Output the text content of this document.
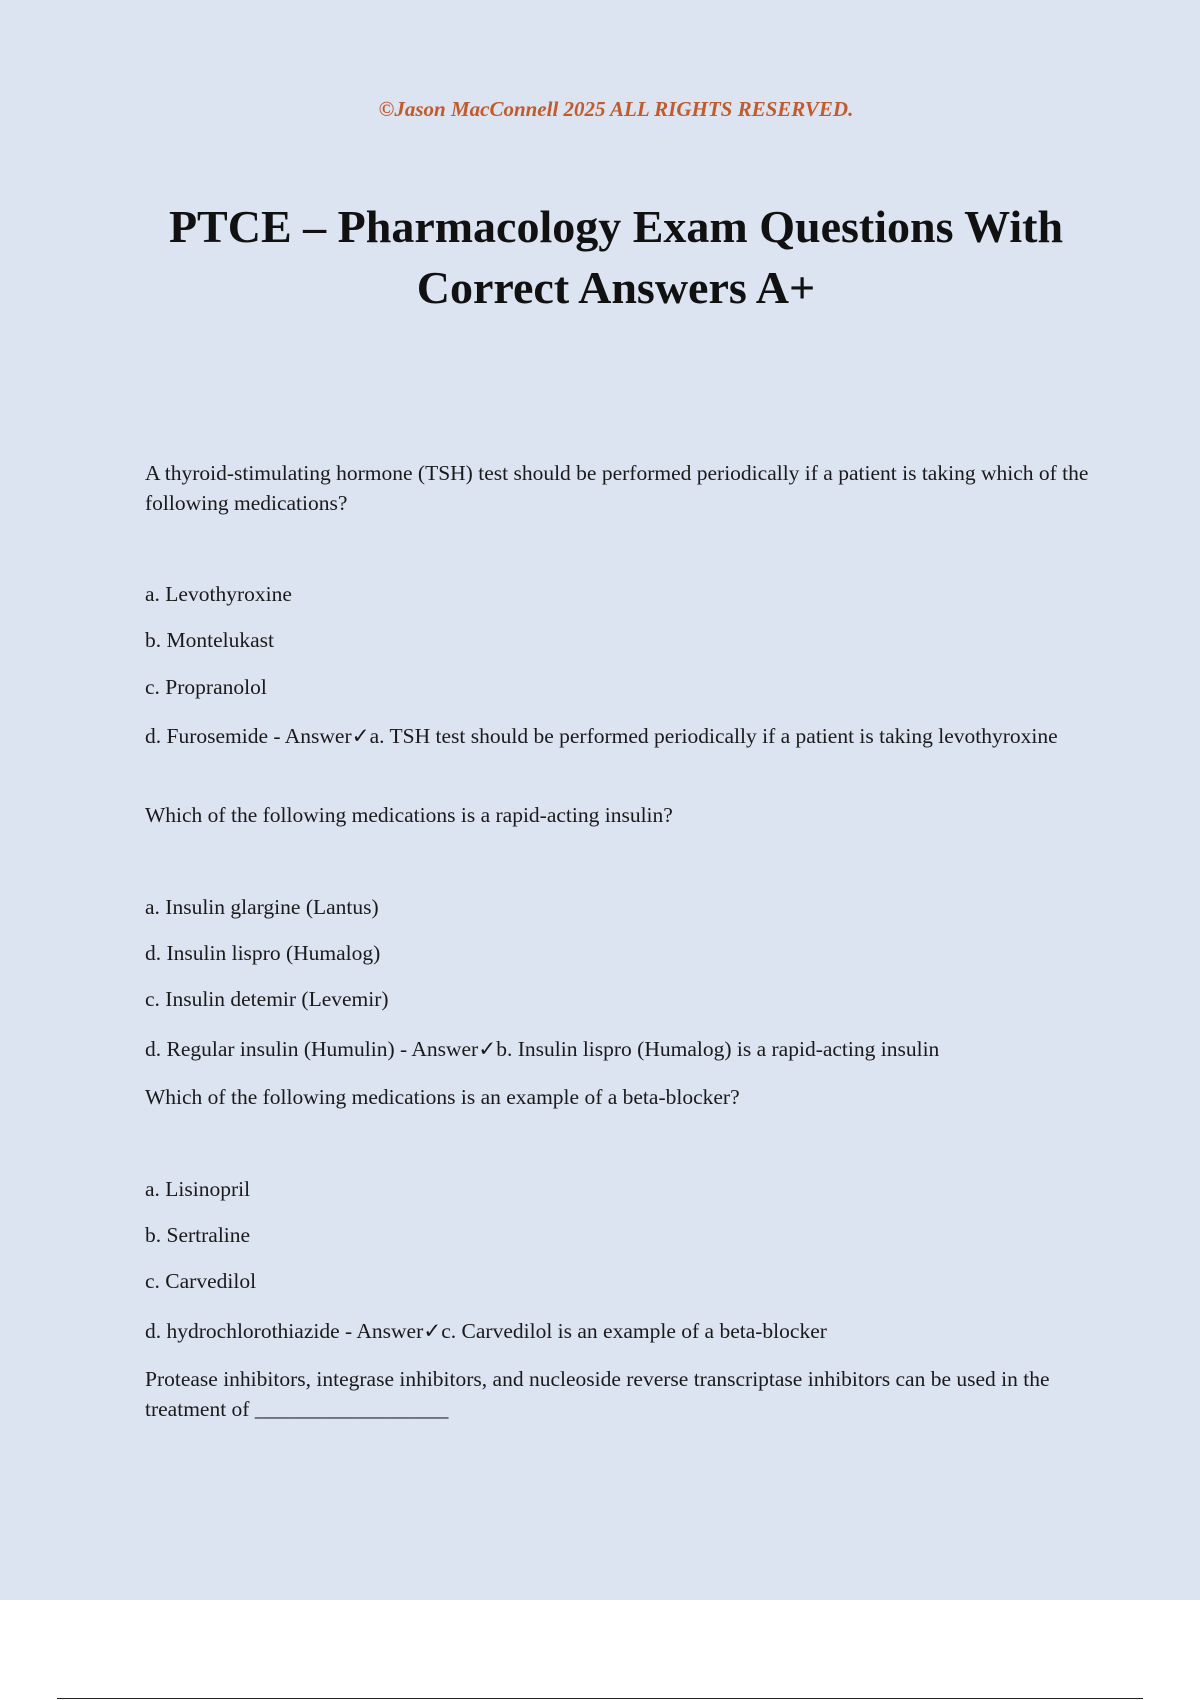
©Jason MacConnell 2025 ALL RIGHTS RESERVED.
PTCE – Pharmacology Exam Questions With Correct Answers A+

A thyroid-stimulating hormone (TSH) test should be performed periodically if a patient is taking which of the following medications?

a. Levothyroxine

b. Montelukast

c. Propranolol

d. Furosemide - Answer✓a. TSH test should be performed periodically if a patient is taking levothyroxine

Which of the following medications is a rapid-acting insulin?

a. Insulin glargine (Lantus)

d. Insulin lispro (Humalog)

c. Insulin detemir (Levemir)

d. Regular insulin (Humulin) - Answer✓b. Insulin lispro (Humalog) is a rapid-acting insulin

Which of the following medications is an example of a beta-blocker?

a. Lisinopril

b. Sertraline

c. Carvedilol

d. hydrochlorothiazide - Answer✓c. Carvedilol is an example of a beta-blocker

Protease inhibitors, integrase inhibitors, and nucleoside reverse transcriptase inhibitors can be used in the treatment of __________________
